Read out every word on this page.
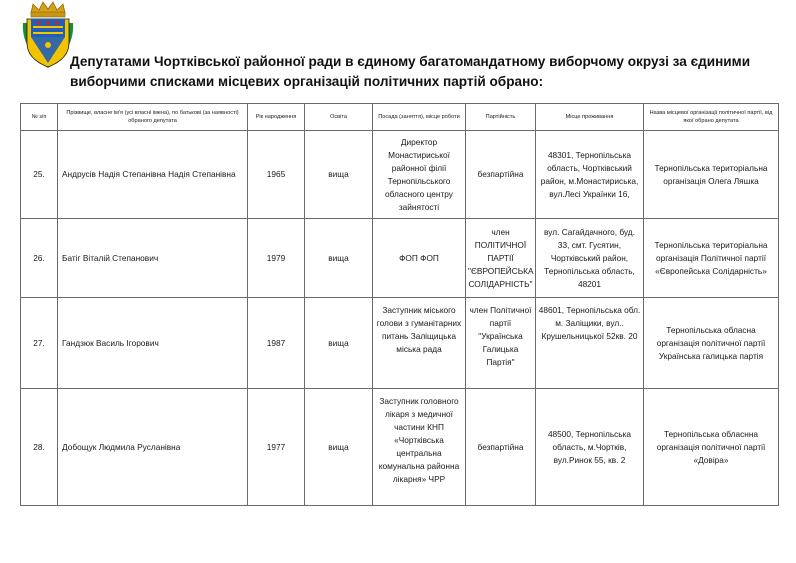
Депутатами Чортківської районної ради в єдиному багатомандатному виборчому окрузі за єдиними виборчими списками місцевих організацій політичних партій обрано:
№ з/п	Прізвище, власне ім'я (усі власні імена), по батькові (за наявності) обраного депутата	Рік народження	Освіта	Посада (заняття), місце роботи	Партійність	Місце проживання	Назва місцевої організації політичної партії, від якої обрано депутата
25.	Андрусів Надія Степанівна Надія Степанівна	1965	вища	Директор Монастириської районної філії Тернопільського обласного центру зайнятості	безпартійна	48301, Тернопільська область, Чортківський район, м.Монастириська, вул.Лесі Українки 16,	Тернопільська територіальна організація Олега Ляшка
26.	Батіг Віталій Степанович	1979	вища	ФОП ФОП	член ПОЛІТИЧНОЇ ПАРТІЇ "ЄВРОПЕЙСЬКА СОЛІДАРНІСТЬ"	вул. Сагайдачного, буд. 33, смт. Гусятин, Чортківський район, Тернопільська область, 48201	Тернопільська територіальна організація Політичної партії «Європейська Солідарність»
27.	Гандзюк Василь Ігорович	1987	вища	Заступник міського голови з гуманітарних питань Заліщицька міська рада	член Політичної партії "Українська Галицька Партія"	48601, Тернопільська обл. м. Заліщики, вул.. Крушельницької 52кв. 20	Тернопільська обласна організація політичної партії Українська галицька партія
28.	Добощук Людмила Русланівна	1977	вища	Заступник головного лікаря з медичної частини КНП «Чортківська центральна комунальна районна лікарня» ЧРР	безпартійна	48500, Тернопільська область, м.Чортків, вул.Ринок 55, кв. 2	Тернопільська обласнна організація політичної партії «Довіра»
